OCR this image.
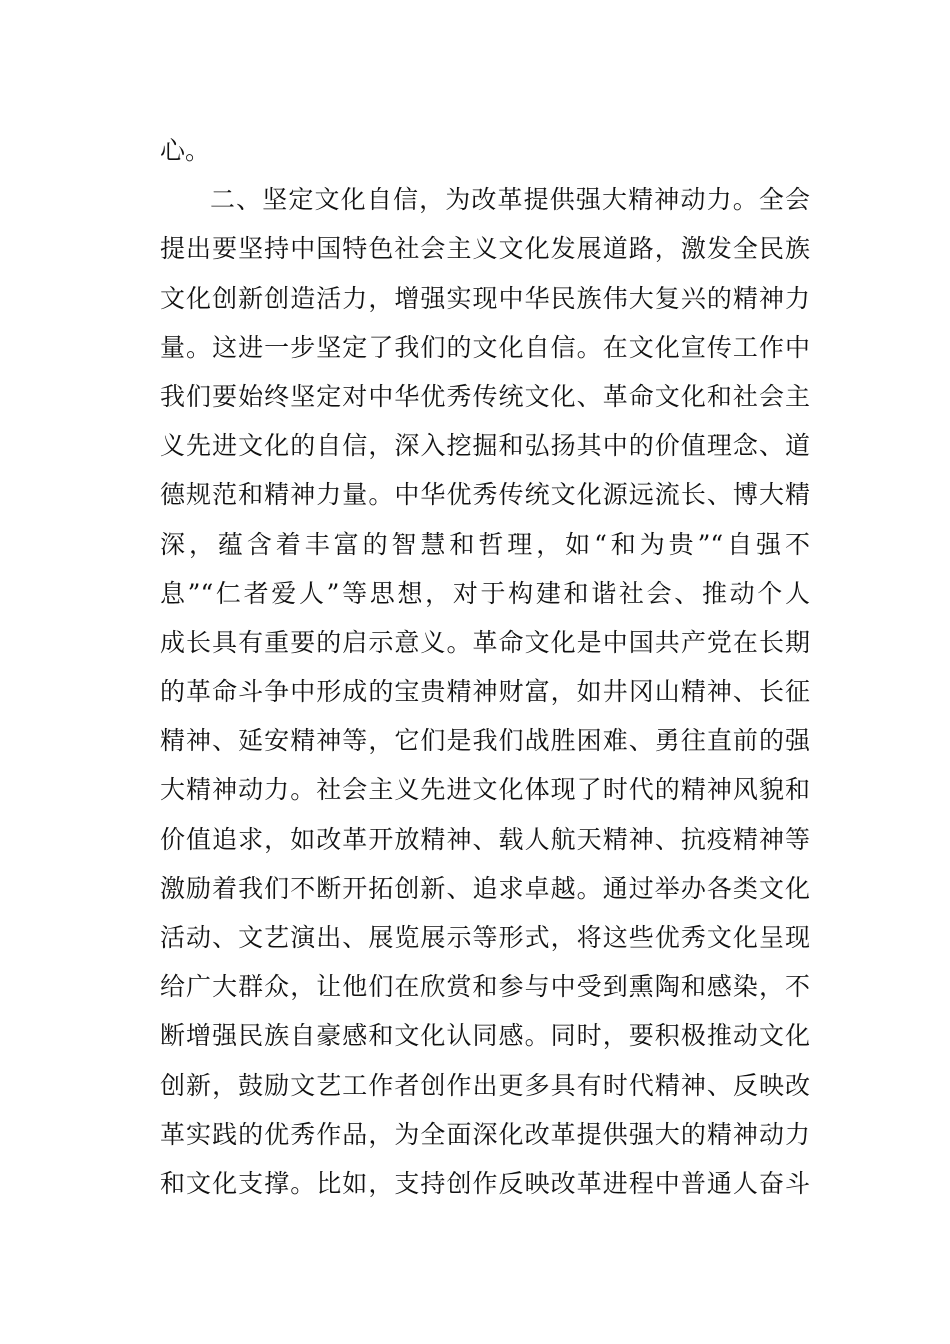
心。
二、坚定文化自信，为改革提供强大精神动力。全会
提出要坚持中国特色社会主义文化发展道路，激发全民族
文化创新创造活力，增强实现中华民族伟大复兴的精神力
量。这进一步坚定了我们的文化自信。在文化宣传工作中
我们要始终坚定对中华优秀传统文化、革命文化和社会主
义先进文化的自信，深入挖掘和弘扬其中的价值理念、道
德规范和精神力量。中华优秀传统文化源远流长、博大精
深，蕴含着丰富的智慧和哲理，如“和为贵”“自强不
息”“仁者爱人”等思想，对于构建和谐社会、推动个人
成长具有重要的启示意义。革命文化是中国共产党在长期
的革命斗争中形成的宝贵精神财富，如井冈山精神、长征
精神、延安精神等，它们是我们战胜困难、勇往直前的强
大精神动力。社会主义先进文化体现了时代的精神风貌和
价值追求，如改革开放精神、载人航天精神、抗疫精神等
激励着我们不断开拓创新、追求卓越。通过举办各类文化
活动、文艺演出、展览展示等形式，将这些优秀文化呈现
给广大群众，让他们在欣赏和参与中受到熏陶和感染，不
断增强民族自豪感和文化认同感。同时，要积极推动文化
创新，鼓励文艺工作者创作出更多具有时代精神、反映改
革实践的优秀作品，为全面深化改革提供强大的精神动力
和文化支撑。比如，支持创作反映改革进程中普通人奋斗
